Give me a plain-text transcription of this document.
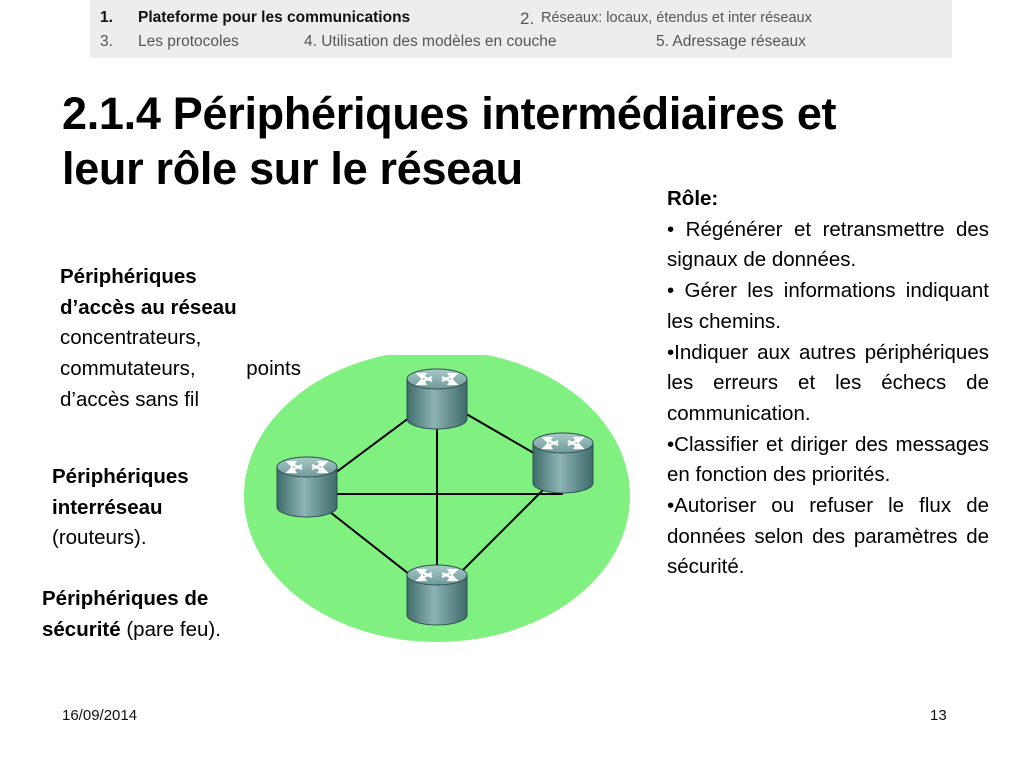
1. Plateforme pour les communications	2. Réseaux: locaux, étendus et inter réseaux
3. Les protocoles	4. Utilisation des modèles en couche	5. Adressage réseaux
2.1.4 Périphériques intermédiaires et
leur rôle sur le réseau
Périphériques
d’accès au réseau
concentrateurs, commutateurs, points d’accès sans fil
Périphériques
interréseau
(routeurs).
Périphériques de
sécurité (pare feu).

Rôle:

• Régénérer et retransmettre des signaux de données.

• Gérer les informations indiquant les chemins.

•Indiquer aux autres périphériques les erreurs et les échecs de communication.

•Classifier et diriger des messages en fonction des priorités.

•Autoriser ou refuser le flux de données selon des paramètres de sécurité.

16/09/2014	13
